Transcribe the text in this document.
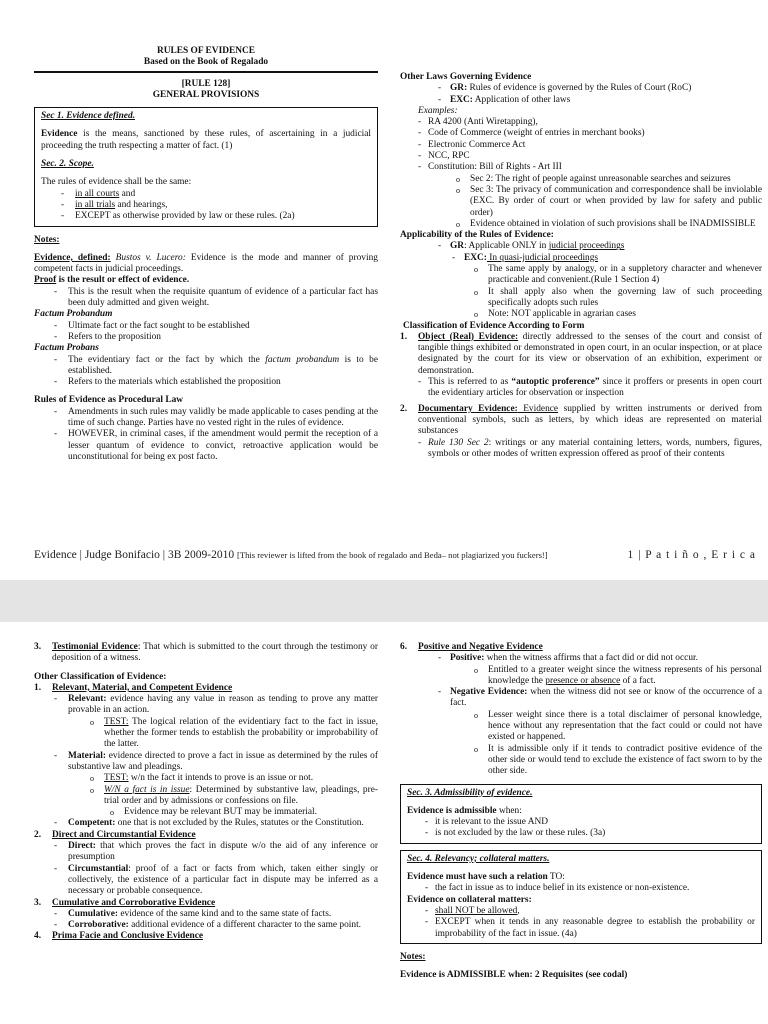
RULES OF EVIDENCE
Based on the Book of Regalado
[RULE 128]
GENERAL PROVISIONS
Sec 1. Evidence defined.
Evidence is the means, sanctioned by these rules, of ascertaining in a judicial proceeding the truth respecting a matter of fact. (1)
Sec. 2. Scope.
The rules of evidence shall be the same:
- in all courts and
- in all trials and hearings,
- EXCEPT as otherwise provided by law or these rules. (2a)
Notes:
Evidence, defined: Bustos v. Lucero: Evidence is the mode and manner of proving competent facts in judicial proceedings.
Proof is the result or effect of evidence.
- This is the result when the requisite quantum of evidence of a particular fact has been duly admitted and given weight.
Factum Probandum
- Ultimate fact or the fact sought to be established
- Refers to the proposition
Factum Probans
- The evidentiary fact or the fact by which the factum probandum is to be established.
- Refers to the materials which established the proposition
Rules of Evidence as Procedural Law
- Amendments in such rules may validly be made applicable to cases pending at the time of such change. Parties have no vested right in the rules of evidence.
- HOWEVER, in criminal cases, if the amendment would permit the reception of a lesser quantum of evidence to convict, retroactive application would be unconstitutional for being ex post facto.
Other Laws Governing Evidence
- GR: Rules of evidence is governed by the Rules of Court (RoC)
- EXC: Application of other laws
Examples:
- RA 4200 (Anti Wiretapping),
- Code of Commerce (weight of entries in merchant books)
- Electronic Commerce Act
- NCC, RPC
- Constitution: Bill of Rights - Art III
o Sec 2: The right of people against unreasonable searches and seizures
o Sec 3: The privacy of communication and correspondence shall be inviolable (EXC. By order of court or when provided by law for safety and public order)
o Evidence obtained in violation of such provisions shall be INADMISSIBLE
Applicability of the Rules of Evidence:
- GR: Applicable ONLY in judicial proceedings
- EXC: In quasi-judicial proceedings
o The same apply by analogy, or in a suppletory character and whenever practicable and convenient.(Rule 1 Section 4)
o It shall apply also when the governing law of such proceeding specifically adopts such rules
o Note: NOT applicable in agrarian cases
Classification of Evidence According to Form
1. Object (Real) Evidence: directly addressed to the senses of the court and consist of tangible things exhibited or demonstrated in open court, in an ocular inspection, or at place designated by the court for its view or observation of an exhibition, experiment or demonstration.
- This is referred to as “autoptic proference” since it proffers or presents in open court the evidentiary articles for observation or inspection
2. Documentary Evidence: Evidence supplied by written instruments or derived from conventional symbols, such as letters, by which ideas are represented on material substances
- Rule 130 Sec 2: writings or any material containing letters, words, numbers, figures, symbols or other modes of written expression offered as proof of their contents
Evidence | Judge Bonifacio | 3B 2009-2010 [This reviewer is lifted from the book of regalado and Beda– not plagiarized you fuckers!]	1 | P a t i ñ o , E r i c a
3. Testimonial Evidence: That which is submitted to the court through the testimony or deposition of a witness.
Other Classification of Evidence:
1. Relevant, Material, and Competent Evidence
- Relevant: evidence having any value in reason as tending to prove any matter provable in an action.
o TEST: The logical relation of the evidentiary fact to the fact in issue, whether the former tends to establish the probability or improbability of the latter.
- Material: evidence directed to prove a fact in issue as determined by the rules of substantive law and pleadings.
o TEST: w/n the fact it intends to prove is an issue or not.
o W/N a fact is in issue: Determined by substantive law, pleadings, pre-trial order and by admissions or confessions on file.
o Evidence may be relevant BUT may be immaterial.
- Competent: one that is not excluded by the Rules, statutes or the Constitution.
2. Direct and Circumstantial Evidence
- Direct: that which proves the fact in dispute w/o the aid of any inference or presumption
- Circumstantial: proof of a fact or facts from which, taken either singly or collectively, the existence of a particular fact in dispute may be inferred as a necessary or probable consequence.
3. Cumulative and Corroborative Evidence
- Cumulative: evidence of the same kind and to the same state of facts.
- Corroborative: additional evidence of a different character to the same point.
4. Prima Facie and Conclusive Evidence
6. Positive and Negative Evidence
- Positive: when the witness affirms that a fact did or did not occur.
o Entitled to a greater weight since the witness represents of his personal knowledge the presence or absence of a fact.
- Negative Evidence: when the witness did not see or know of the occurrence of a fact.
o Lesser weight since there is a total disclaimer of personal knowledge, hence without any representation that the fact could or could not have existed or happened.
o It is admissible only if it tends to contradict positive evidence of the other side or would tend to exclude the existence of fact sworn to by the other side.
Sec. 3. Admissibility of evidence.
Evidence is admissible when:
- it is relevant to the issue AND
- is not excluded by the law or these rules. (3a)
Sec. 4. Relevancy; collateral matters.
Evidence must have such a relation TO:
- the fact in issue as to induce belief in its existence or non-existence.
Evidence on collateral matters:
- shall NOT be allowed,
- EXCEPT when it tends in any reasonable degree to establish the probability or improbability of the fact in issue. (4a)
Notes:
Evidence is ADMISSIBLE when: 2 Requisites (see codal)
